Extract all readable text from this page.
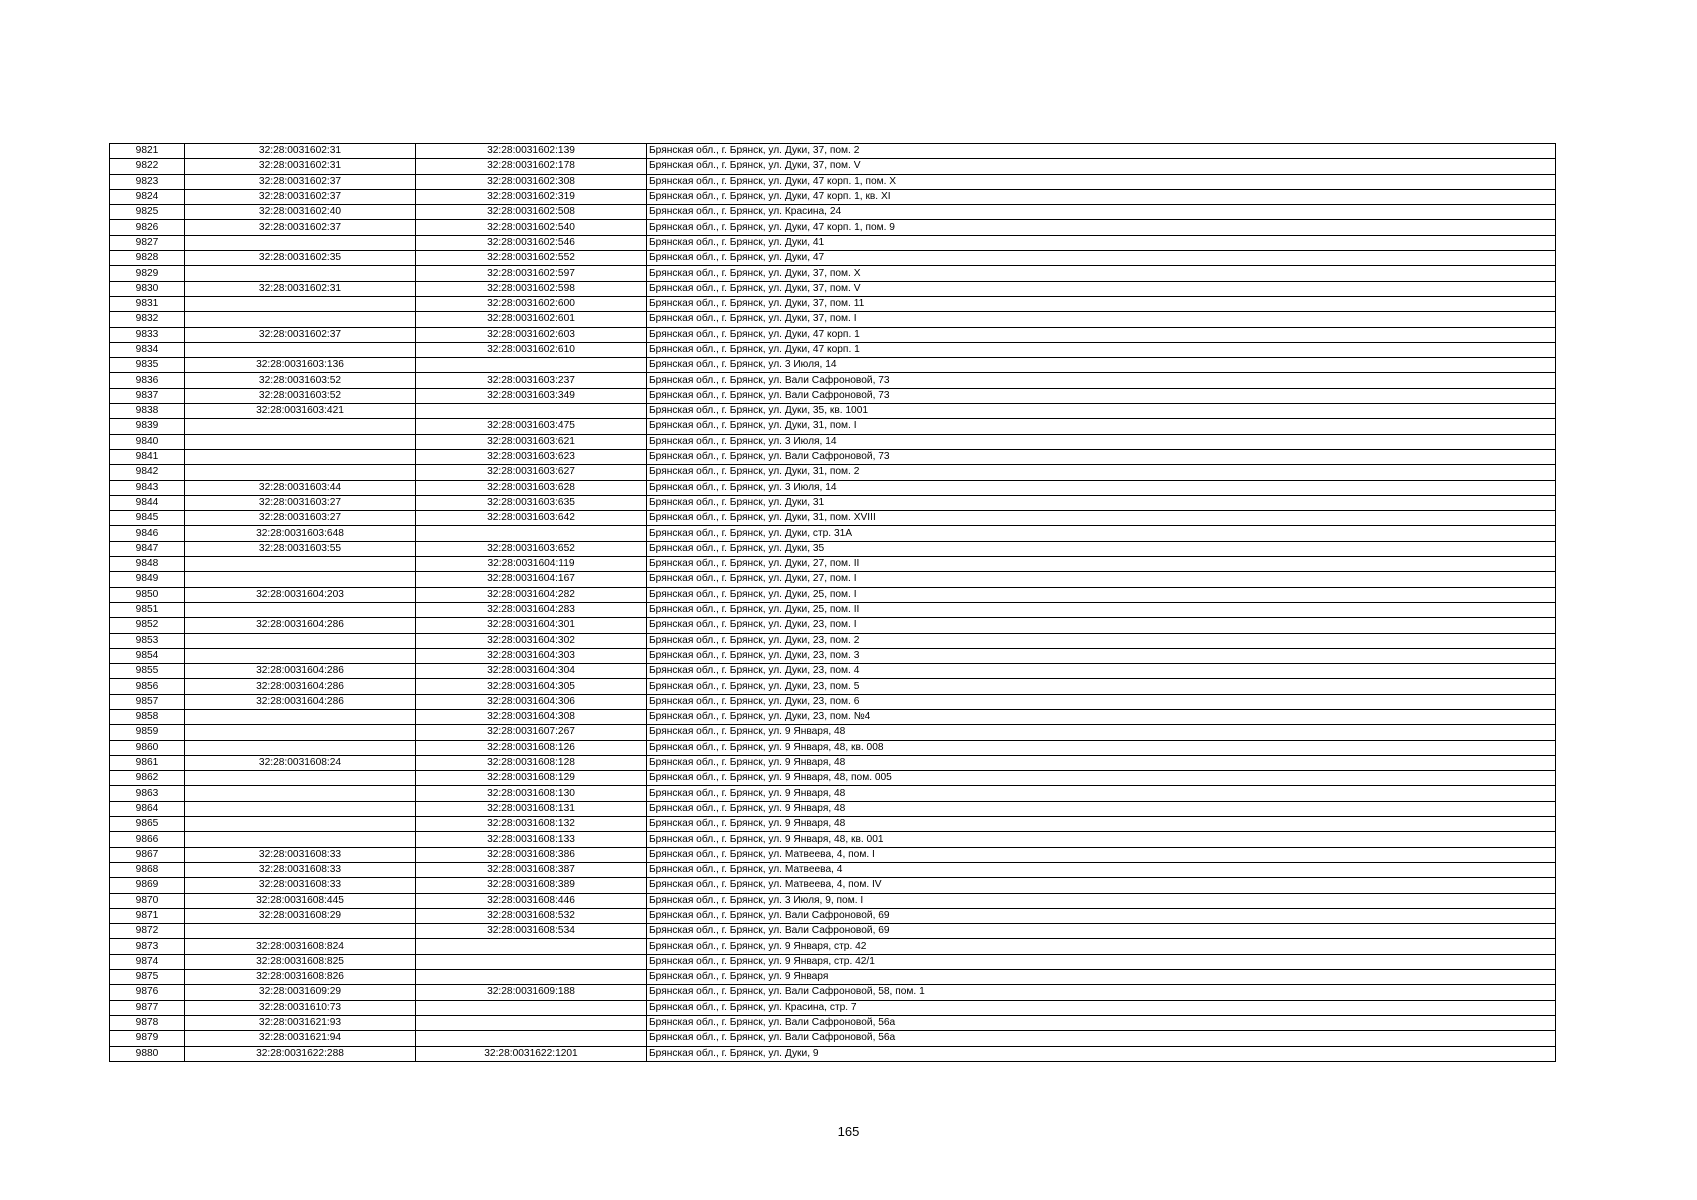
9821	32:28:0031602:31	32:28:0031602:139	Брянская обл., г. Брянск, ул. Дуки, 37, пом. 2
9822	32:28:0031602:31	32:28:0031602:178	Брянская обл., г. Брянск, ул. Дуки, 37, пом. V
9823	32:28:0031602:37	32:28:0031602:308	Брянская обл., г. Брянск, ул. Дуки, 47 корп. 1, пом. X
9824	32:28:0031602:37	32:28:0031602:319	Брянская обл., г. Брянск, ул. Дуки, 47 корп. 1, кв. XI
9825	32:28:0031602:40	32:28:0031602:508	Брянская обл., г. Брянск, ул. Красина, 24
9826	32:28:0031602:37	32:28:0031602:540	Брянская обл., г. Брянск, ул. Дуки, 47 корп. 1, пом. 9
9827		32:28:0031602:546	Брянская обл., г. Брянск, ул. Дуки, 41
9828	32:28:0031602:35	32:28:0031602:552	Брянская обл., г. Брянск, ул. Дуки, 47
9829		32:28:0031602:597	Брянская обл., г. Брянск, ул. Дуки, 37, пом. X
9830	32:28:0031602:31	32:28:0031602:598	Брянская обл., г. Брянск, ул. Дуки, 37, пом. V
9831		32:28:0031602:600	Брянская обл., г. Брянск, ул. Дуки, 37, пом. 11
9832		32:28:0031602:601	Брянская обл., г. Брянск, ул. Дуки, 37, пом. I
9833	32:28:0031602:37	32:28:0031602:603	Брянская обл., г. Брянск, ул. Дуки, 47 корп. 1
9834		32:28:0031602:610	Брянская обл., г. Брянск, ул. Дуки, 47 корп. 1
9835	32:28:0031603:136		Брянская обл., г. Брянск, ул. 3 Июля, 14
9836	32:28:0031603:52	32:28:0031603:237	Брянская обл., г. Брянск, ул. Вали Сафроновой, 73
9837	32:28:0031603:52	32:28:0031603:349	Брянская обл., г. Брянск, ул. Вали Сафроновой, 73
9838	32:28:0031603:421		Брянская обл., г. Брянск, ул. Дуки, 35, кв. 1001
9839		32:28:0031603:475	Брянская обл., г. Брянск, ул. Дуки, 31, пом. I
9840		32:28:0031603:621	Брянская обл., г. Брянск, ул. 3 Июля, 14
9841		32:28:0031603:623	Брянская обл., г. Брянск, ул. Вали Сафроновой, 73
9842		32:28:0031603:627	Брянская обл., г. Брянск, ул. Дуки, 31, пом. 2
9843	32:28:0031603:44	32:28:0031603:628	Брянская обл., г. Брянск, ул. 3 Июля, 14
9844	32:28:0031603:27	32:28:0031603:635	Брянская обл., г. Брянск, ул. Дуки, 31
9845	32:28:0031603:27	32:28:0031603:642	Брянская обл., г. Брянск, ул. Дуки, 31, пом. XVIII
9846	32:28:0031603:648		Брянская обл., г. Брянск, ул. Дуки, стр. 31А
9847	32:28:0031603:55	32:28:0031603:652	Брянская обл., г. Брянск, ул. Дуки, 35
9848		32:28:0031604:119	Брянская обл., г. Брянск, ул. Дуки, 27, пом. II
9849		32:28:0031604:167	Брянская обл., г. Брянск, ул. Дуки, 27, пом. I
9850	32:28:0031604:203	32:28:0031604:282	Брянская обл., г. Брянск, ул. Дуки, 25, пом. I
9851		32:28:0031604:283	Брянская обл., г. Брянск, ул. Дуки, 25, пом. II
9852	32:28:0031604:286	32:28:0031604:301	Брянская обл., г. Брянск, ул. Дуки, 23, пом. I
9853		32:28:0031604:302	Брянская обл., г. Брянск, ул. Дуки, 23, пом. 2
9854		32:28:0031604:303	Брянская обл., г. Брянск, ул. Дуки, 23, пом. 3
9855	32:28:0031604:286	32:28:0031604:304	Брянская обл., г. Брянск, ул. Дуки, 23, пом. 4
9856	32:28:0031604:286	32:28:0031604:305	Брянская обл., г. Брянск, ул. Дуки, 23, пом. 5
9857	32:28:0031604:286	32:28:0031604:306	Брянская обл., г. Брянск, ул. Дуки, 23, пом. 6
9858		32:28:0031604:308	Брянская обл., г. Брянск, ул. Дуки, 23, пом. №4
9859		32:28:0031607:267	Брянская обл., г. Брянск, ул. 9 Января, 48
9860		32:28:0031608:126	Брянская обл., г. Брянск, ул. 9 Января, 48, кв. 008
9861	32:28:0031608:24	32:28:0031608:128	Брянская обл., г. Брянск, ул. 9 Января, 48
9862		32:28:0031608:129	Брянская обл., г. Брянск, ул. 9 Января, 48, пом. 005
9863		32:28:0031608:130	Брянская обл., г. Брянск, ул. 9 Января, 48
9864		32:28:0031608:131	Брянская обл., г. Брянск, ул. 9 Января, 48
9865		32:28:0031608:132	Брянская обл., г. Брянск, ул. 9 Января, 48
9866		32:28:0031608:133	Брянская обл., г. Брянск, ул. 9 Января, 48, кв. 001
9867	32:28:0031608:33	32:28:0031608:386	Брянская обл., г. Брянск, ул. Матвеева, 4, пом. I
9868	32:28:0031608:33	32:28:0031608:387	Брянская обл., г. Брянск, ул. Матвеева, 4
9869	32:28:0031608:33	32:28:0031608:389	Брянская обл., г. Брянск, ул. Матвеева, 4, пом. IV
9870	32:28:0031608:445	32:28:0031608:446	Брянская обл., г. Брянск, ул. 3 Июля, 9, пом. I
9871	32:28:0031608:29	32:28:0031608:532	Брянская обл., г. Брянск, ул. Вали Сафроновой, 69
9872		32:28:0031608:534	Брянская обл., г. Брянск, ул. Вали Сафроновой, 69
9873	32:28:0031608:824		Брянская обл., г. Брянск, ул. 9 Января, стр. 42
9874	32:28:0031608:825		Брянская обл., г. Брянск, ул. 9 Января, стр. 42/1
9875	32:28:0031608:826		Брянская обл., г. Брянск, ул. 9 Января
9876	32:28:0031609:29	32:28:0031609:188	Брянская обл., г. Брянск, ул. Вали Сафроновой, 58, пом. 1
9877	32:28:0031610:73		Брянская обл., г. Брянск, ул. Красина, стр. 7
9878	32:28:0031621:93		Брянская обл., г. Брянск, ул. Вали Сафроновой, 56а
9879	32:28:0031621:94		Брянская обл., г. Брянск, ул. Вали Сафроновой, 56а
9880	32:28:0031622:288	32:28:0031622:1201	Брянская обл., г. Брянск, ул. Дуки, 9
165
